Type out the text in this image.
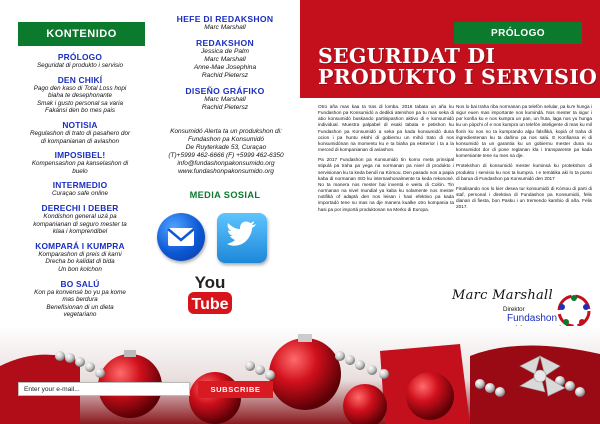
KONTENIDO
PRÓLOGO
Seguridat di produkto i servisio
DEN CHIKÍ
Pago den kaso di Total Loss hopi
biaha te desephonante
Smak i gusto personal sa varia
Fakánsi den bo mes pais
NOTISIA
Regulashon di trato di pasahero dor
di kompanianan di aviashon
IMPOSIBEL!
Kompensashon pa kanselashon di
buelo
INTERMEDIO
Curaçao safe online
DERECHI I DEBER
Kondishon general uzá pa
kompanianan di seguro mester ta
klaa i komprendibel
KOMPARÁ I KUMPRA
Komparashon di preis di karni
Drecha bo kalidat di bida
Un bon kolchon
BO SALÚ
Kon pa konvensé bo yu pa kome
mas berdura
Benefisionan di un dieta
vegetariano
HEFE DI REDAKSHON
Marc Marshall
REDAKSHON
Jessica de Palm
Marc Marshall
Anne-Mae Josephina
Rachid Pietersz
DISEÑO GRÁFIKO
Marc Marshall
Rachid Pietersz
Konsumidó Alerta ta un produkshon di:
Fundashon pa Konsumidó
De Ruyterkade 53, Curaçao
(T)+5999 462-6666 (F) +5999 462-6350
info@fundashonpakonsumido.org
www.fundashonpakonsumido.org
MEDIA SOSIAL
You
Tube
PRÓLOGO
SEGURIDAT DI
PRODUKTO I SERVISIO

Otro aña mas kaa ta tras di lomba. 2016 tabata un aña ku Fundashon pa Konsumidó a dediká atenshon pa tu mas seka di abo konsumidó buskando partisipashon aktivo di e konsumidó individual. Muestra palpabel di esaki tabata e petishon ku Fundashon pa Konsumidó a seka pa kada konsumidó duna ocion i pa huntu ekshi di gobiernu un mihó trato di nos konsumidónan na momentu ku e ta biaha pa eksterior i ta a la merced di kompanianan di aviashon.

Pa 2017 Fundashon pa Konsumidó tin komo meta prinsipal stipulá pa traha pa yega na normanan pa nivel di produkto i servisionan ku ta keda bendí na Kòrsou. Den pasado nos a papia kaba di normanan ISO ku internashonalmente ta keda rekonosé. No ta manera nos mester bai inventá e weitu di Colón. Tin normanan na nivel mundial ya kaba ku solamente nos mester notifiká of adaptá den nos leisan i hasi efektivo pa kada importadó tene su mas na dje manera kualke otro kompania ta hasi pa por importá produktonan na Merko di Europa.

Nos lo bai traha riba normanan pa telefòn selular, pa ku'e hunga i sigur euen mas importante nos kumindá. Nos mester ta sigur i por konfia ku e nos kumpra un pan, un fruta, laga nos yu hunga ku un pòpchi of e nos kumpra un telefòn inteligente di mas ku mil florin ku nos no ta kumprando algu falsifiká, kopiá of traha di ingredientenan ku ta dañino pa nos salú. E Konfiansa ei di konsumidó ta un garantia ku un gobiernu mester duna su konsumidot dor di pone reglanan kla i transparente pa kada komersiante tene su mes na dje.

Protekshon di konsumidó mester kuminsá ku protekshon di produkto i servisio ku nos ta kumpra. I e temátika aki lo ta punto di barua di Fundashon pa Konsumidó den 2017

Finalisando nos lo kier desea tur konsumidó di Kòrsou di parti di staf, personal i direktiva di Fundashon pa Konsumidó, felis dianan di fiesta, bon Pasku i un tremendo kambio di aña. Felis 2017.

Marc Marshall
Direktor
Fundashon
Enter your e-mail...	SUBSCRIBE
